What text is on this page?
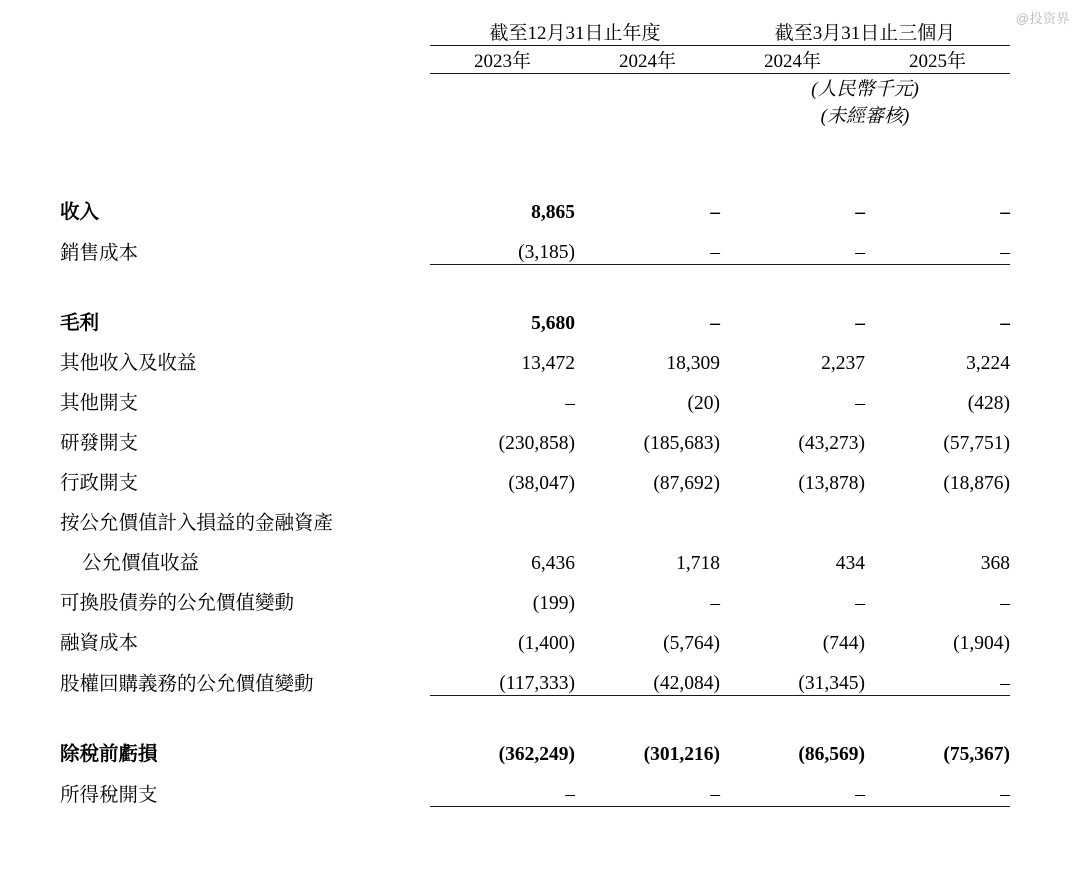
@投资界
	截至12月31日止年度		截至3月31日止三個月	
	2023年	2024年	2024年	2025年
			(人民幣千元)	
			(未經審核)	

收入	8,865	–	–	–
銷售成本	(3,185)	–	–	–

毛利	5,680	–	–	–
其他收入及收益	13,472	18,309	2,237	3,224
其他開支	–	(20)	–	(428)
研發開支	(230,858)	(185,683)	(43,273)	(57,751)
行政開支	(38,047)	(87,692)	(13,878)	(18,876)
按公允價值計入損益的金融資產				
公允價值收益	6,436	1,718	434	368
可換股債券的公允價值變動	(199)	–	–	–
融資成本	(1,400)	(5,764)	(744)	(1,904)
股權回購義務的公允價值變動	(117,333)	(42,084)	(31,345)	–

除稅前虧損	(362,249)	(301,216)	(86,569)	(75,367)
所得稅開支	–	–	–	–
